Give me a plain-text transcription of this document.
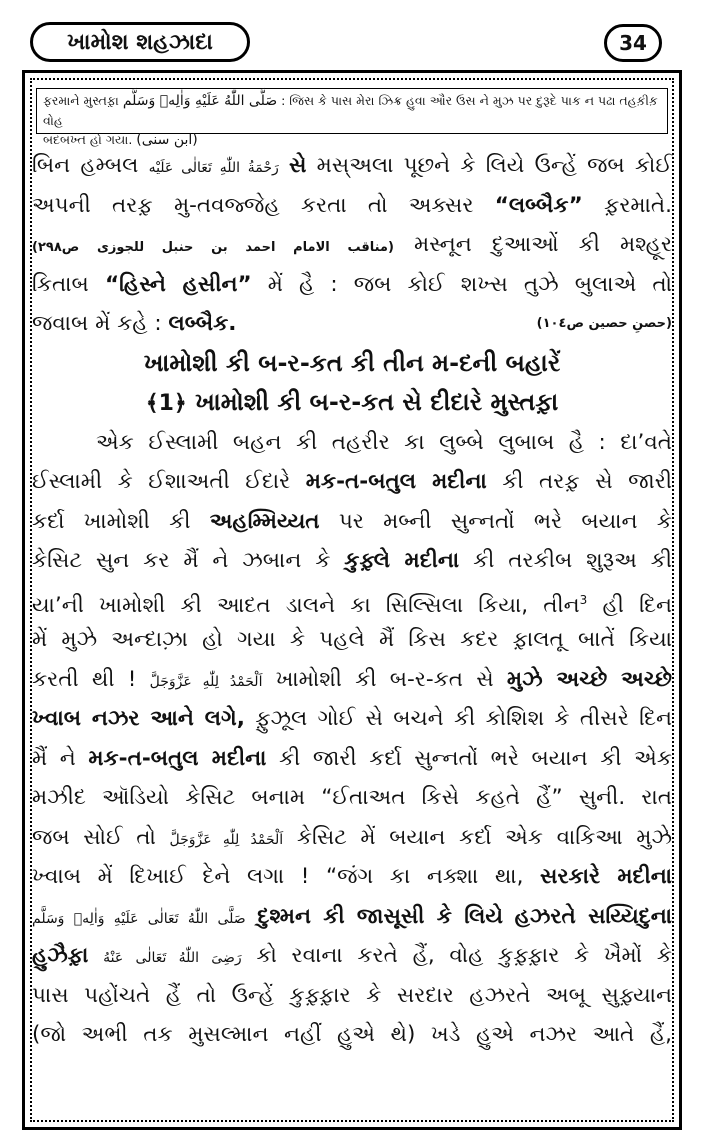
ખામોશ શહઝાદા	34
ફરમાને મુસ્તફ઼ા صَلَّى اللّٰهُ عَلَيْهِ وَاٰلِهٖ وَسَلَّم : જિસ કે પાસ મેરા ઝિક્ર હુવા ઔર ઉસ ને મુઝ પર દુરૂદે પાક ન પઢા તહક઼ીક઼ વોહ
બદબખ્ત હો ગયા. (ابن سنی)
બિન હમ્બલ رَحْمَةُ اللّٰهِ تَعَالٰی عَلَيْه સે મસ્અલા પૂછને કે લિયે ઉન્હેં જબ કોઈ
અપની તરફ઼ મુ-તવજ્જેહ કરતા તો અક્સર “લબ્બૈક” ફ઼રમાતે.
(مناقب الامام احمد بن حنبل للجوزی ص۲۹۸) મસ્નૂન દુઆઓં કી મશ્હૂર
કિતાબ “હિસ્ને હસીન” મેં હૈ : જબ કોઈ શખ્સ તુઝે બુલાએ તો
જવાબ મેં કહે : લબ્બૈક.	(حصنِ حصین ص۱۰٤)
ખામોશી કી બ-ર-કત કી તીન મ-દની બહારેં
﴾1﴿ ખામોશી કી બ-ર-કત સે દીદારે મુસ્તફ઼ા
એક ઈસ્લામી બહન કી તહરીર કા લુબ્બે લુબાબ હૈ : દા’વતે
ઈસ્લામી કે ઈશાઅતી ઈદારે મક-ત-બતુલ મદીના કી તરફ઼ સે જારી
કર્દા ખામોશી કી અહમ્મિય્યત પર મબ્ની સુન્નતોં ભરે બયાન કે
કેસિટ સુન કર મૈં ને ઝબાન કે કુફ઼્લે મદીના કી તરકીબ શુરૂઅ કી
યા’ની ખામોશી કી આદત ડાલને કા સિલ્સિલા કિયા, તીન$^3$ હી દિન
મેં મુઝે અન્દાઝ઼ા હો ગયા કે પહલે મૈં કિસ કદર ફ઼ાલતૂ બાતેં કિયા
કરતી થી ! اَلْحَمْدُ لِلّٰهِ عَزَّوَجَلَّ ખામોશી કી બ-ર-કત સે મુઝે અચ્છે અચ્છે
ખ્વાબ નઝર આને લગે, ફ઼ુઝૂલ ગોઈ સે બચને કી કોશિશ કે તીસરે દિન
મૈં ને મક-ત-બતુલ મદીના કી જારી કર્દા સુન્નતોં ભરે બયાન કી એક
મઝીદ ઑડિયો કેસિટ બનામ “ઈતાઅત કિસે કહતે હૈં” સુની. રાત
જબ સોઈ તો اَلْحَمْدُ لِلّٰهِ عَزَّوَجَلَّ કેસિટ મેં બયાન કર્દા એક વાકિઆ મુઝે
ખ્વાબ મેં દિખાઈ દેને લગા ! “જંગ કા નક્શા થા, સરકારે મદીના
صَلَّى اللّٰهُ تَعَالٰی عَلَيْهِ وَاٰلِهٖ وَسَلَّم દુશ્મન કી જાસૂસી કે લિયે હઝરતે સય્યિદુના
હુઝૈફ઼ા رَضِیَ اللّٰهُ تَعَالٰی عَنْهُ કો રવાના કરતે હૈં, વોહ કુફ઼્ફ઼ાર કે ખૈમોં કે
પાસ પહોંચતે હૈં તો ઉન્હેં કુફ઼્ફ઼ાર કે સરદાર હઝરતે અબૂ સુફ઼્યાન
(જો અભી તક મુસલ્માન નહીં હુએ થે) ખડે હુએ નઝર આતે હૈં,
